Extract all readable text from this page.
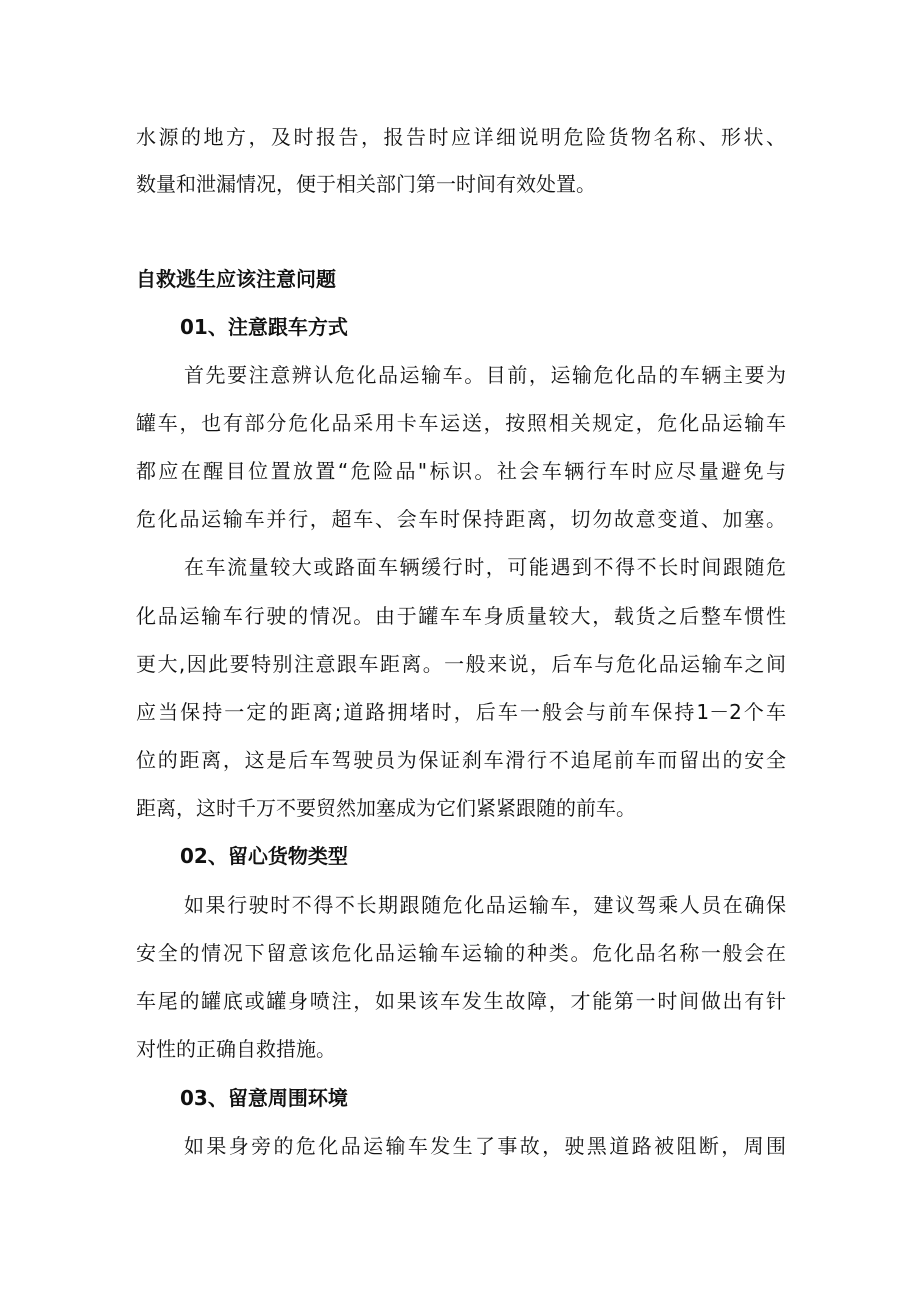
水源的地方，及时报告，报告时应详细说明危险货物名称、形状、
数量和泄漏情况，便于相关部门第一时间有效处置。
自救逃生应该注意问题
01、注意跟车方式
首先要注意辨认危化品运输车。目前，运输危化品的车辆主要为
罐车，也有部分危化品采用卡车运送，按照相关规定，危化品运输车
都应在醒目位置放置“危险品"标识。社会车辆行车时应尽量避免与
危化品运输车并行，超车、会车时保持距离，切勿故意变道、加塞。
在车流量较大或路面车辆缓行时，可能遇到不得不长时间跟随危
化品运输车行驶的情况。由于罐车车身质量较大，载货之后整车惯性
更大,因此要特别注意跟车距离。一般来说，后车与危化品运输车之间
应当保持一定的距离;道路拥堵时，后车一般会与前车保持1－2个车
位的距离，这是后车驾驶员为保证刹车滑行不追尾前车而留出的安全
距离，这时千万不要贸然加塞成为它们紧紧跟随的前车。
02、留心货物类型
如果行驶时不得不长期跟随危化品运输车，建议驾乘人员在确保
安全的情况下留意该危化品运输车运输的种类。危化品名称一般会在
车尾的罐底或罐身喷注，如果该车发生故障，才能第一时间做出有针
对性的正确自救措施。
03、留意周围环境
如果身旁的危化品运输车发生了事故，驶黑道路被阻断，周围
